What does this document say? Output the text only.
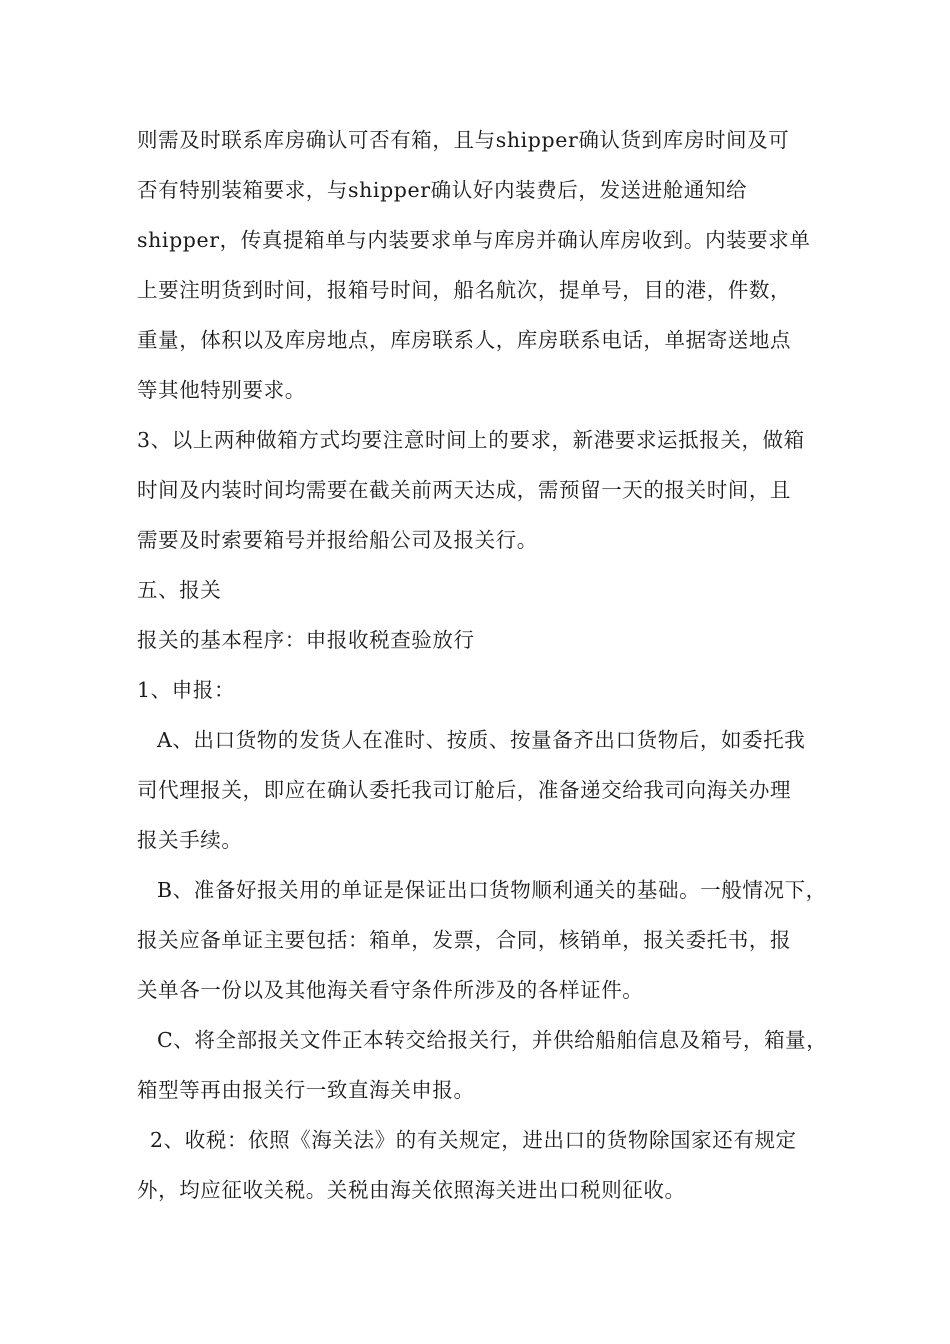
则需及时联系库房确认可否有箱，且与shipper确认货到库房时间及可
否有特别装箱要求，与shipper确认好内装费后，发送进舱通知给
shipper，传真提箱单与内装要求单与库房并确认库房收到。内装要求单
上要注明货到时间，报箱号时间，船名航次，提单号，目的港，件数，
重量，体积以及库房地点，库房联系人，库房联系电话，单据寄送地点
等其他特别要求。
3、以上两种做箱方式均要注意时间上的要求，新港要求运抵报关，做箱
时间及内装时间均需要在截关前两天达成，需预留一天的报关时间，且
需要及时索要箱号并报给船公司及报关行。
五、报关
报关的基本程序：申报收税查验放行
1、申报：
A、出口货物的发货人在准时、按质、按量备齐出口货物后，如委托我
司代理报关，即应在确认委托我司订舱后，准备递交给我司向海关办理
报关手续。
B、准备好报关用的单证是保证出口货物顺利通关的基础。一般情况下，
报关应备单证主要包括：箱单，发票，合同，核销单，报关委托书，报
关单各一份以及其他海关看守条件所涉及的各样证件。
C、将全部报关文件正本转交给报关行，并供给船舶信息及箱号，箱量，
箱型等再由报关行一致直海关申报。
2、收税：依照《海关法》的有关规定，进出口的货物除国家还有规定
外，均应征收关税。关税由海关依照海关进出口税则征收。
